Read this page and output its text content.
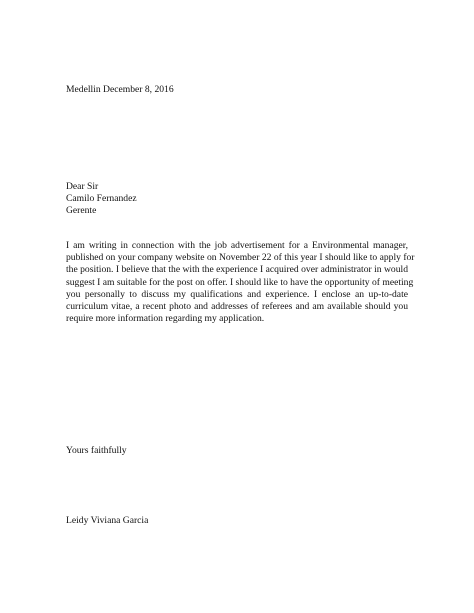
Medellin December 8, 2016
Dear Sir
Camilo Fernandez
Gerente
I am writing in connection with the job advertisement for a Environmental manager,
published on your company website on November 22 of this year I should like to apply for
the position. I believe that the with the experience I acquired over administrator in would
suggest I am suitable for the post on offer. I should like to have the opportunity of meeting
you personally to discuss my qualifications and experience. I enclose an up-to-date
curriculum vitae, a recent photo and addresses of referees and am available should you
require more information regarding my application.
Yours faithfully
Leidy Viviana Garcia
